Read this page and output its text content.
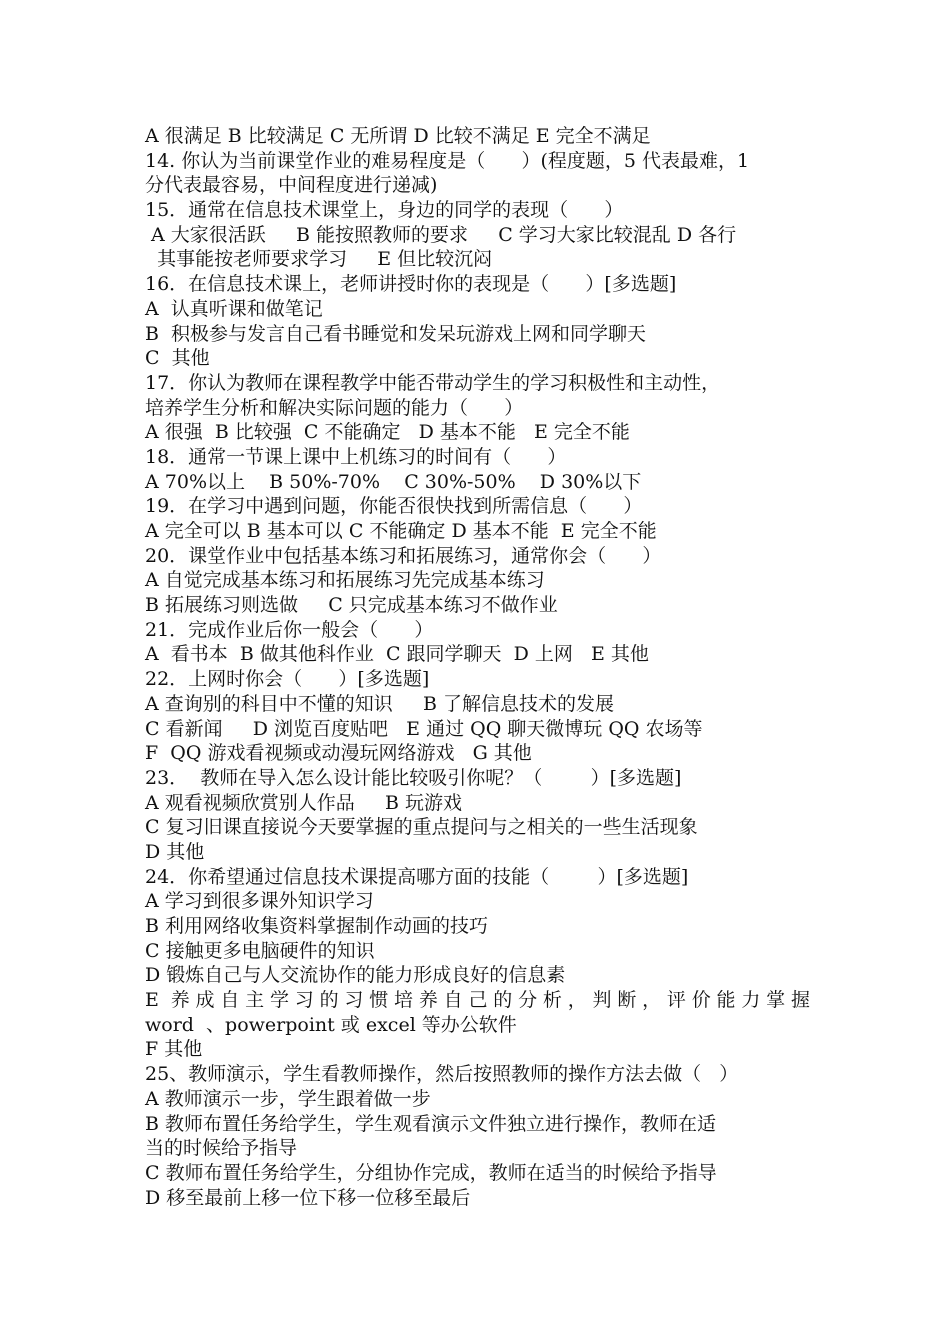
A 很满足 B 比较满足 C 无所谓 D 比较不满足 E 完全不满足
14. 你认为当前课堂作业的难易程度是（      ）(程度题，5 代表最难，1
分代表最容易，中间程度进行递减)
15．通常在信息技术课堂上，身边的同学的表现（      ）
A 大家很活跃     B 能按照教师的要求     C 学习大家比较混乱 D 各行
其事能按老师要求学习     E 但比较沉闷
16．在信息技术课上，老师讲授时你的表现是（      ）[多选题]
A  认真听课和做笔记
B  积极参与发言自己看书睡觉和发呆玩游戏上网和同学聊天
C  其他
17．你认为教师在课程教学中能否带动学生的学习积极性和主动性，
培养学生分析和解决实际问题的能力（      ）
A 很强  B 比较强  C 不能确定   D 基本不能   E 完全不能
18．通常一节课上课中上机练习的时间有（      ）
A 70%以上    B 50%-70%    C 30%-50%    D 30%以下
19．在学习中遇到问题，你能否很快找到所需信息（      ）
A 完全可以 B 基本可以 C 不能确定 D 基本不能  E 完全不能
20．课堂作业中包括基本练习和拓展练习，通常你会（      ）
A 自觉完成基本练习和拓展练习先完成基本练习
B 拓展练习则选做     C 只完成基本练习不做作业
21．完成作业后你一般会（      ）
A  看书本  B 做其他科作业  C 跟同学聊天  D 上网   E 其他
22．上网时你会（      ）[多选题]
A 查询别的科目中不懂的知识     B 了解信息技术的发展
C 看新闻     D 浏览百度贴吧   E 通过 QQ 聊天微博玩 QQ 农场等
F  QQ 游戏看视频或动漫玩网络游戏   G 其他
23．  教师在导入怎么设计能比较吸引你呢？（        ）[多选题]
A 观看视频欣赏别人作品     B 玩游戏
C 复习旧课直接说今天要掌握的重点提问与之相关的一些生活现象
D 其他
24．你希望通过信息技术课提高哪方面的技能（        ）[多选题]
A 学习到很多课外知识学习
B 利用网络收集资料掌握制作动画的技巧
C 接触更多电脑硬件的知识
D 锻炼自己与人交流协作的能力形成良好的信息素
E 养成自主学习的习惯培养自己的分析，判断，评价能力掌握
word  、powerpoint 或 excel 等办公软件
F 其他
25、教师演示，学生看教师操作，然后按照教师的操作方法去做（   ）
A 教师演示一步，学生跟着做一步
B 教师布置任务给学生，学生观看演示文件独立进行操作，教师在适
当的时候给予指导
C 教师布置任务给学生，分组协作完成，教师在适当的时候给予指导
D 移至最前上移一位下移一位移至最后
